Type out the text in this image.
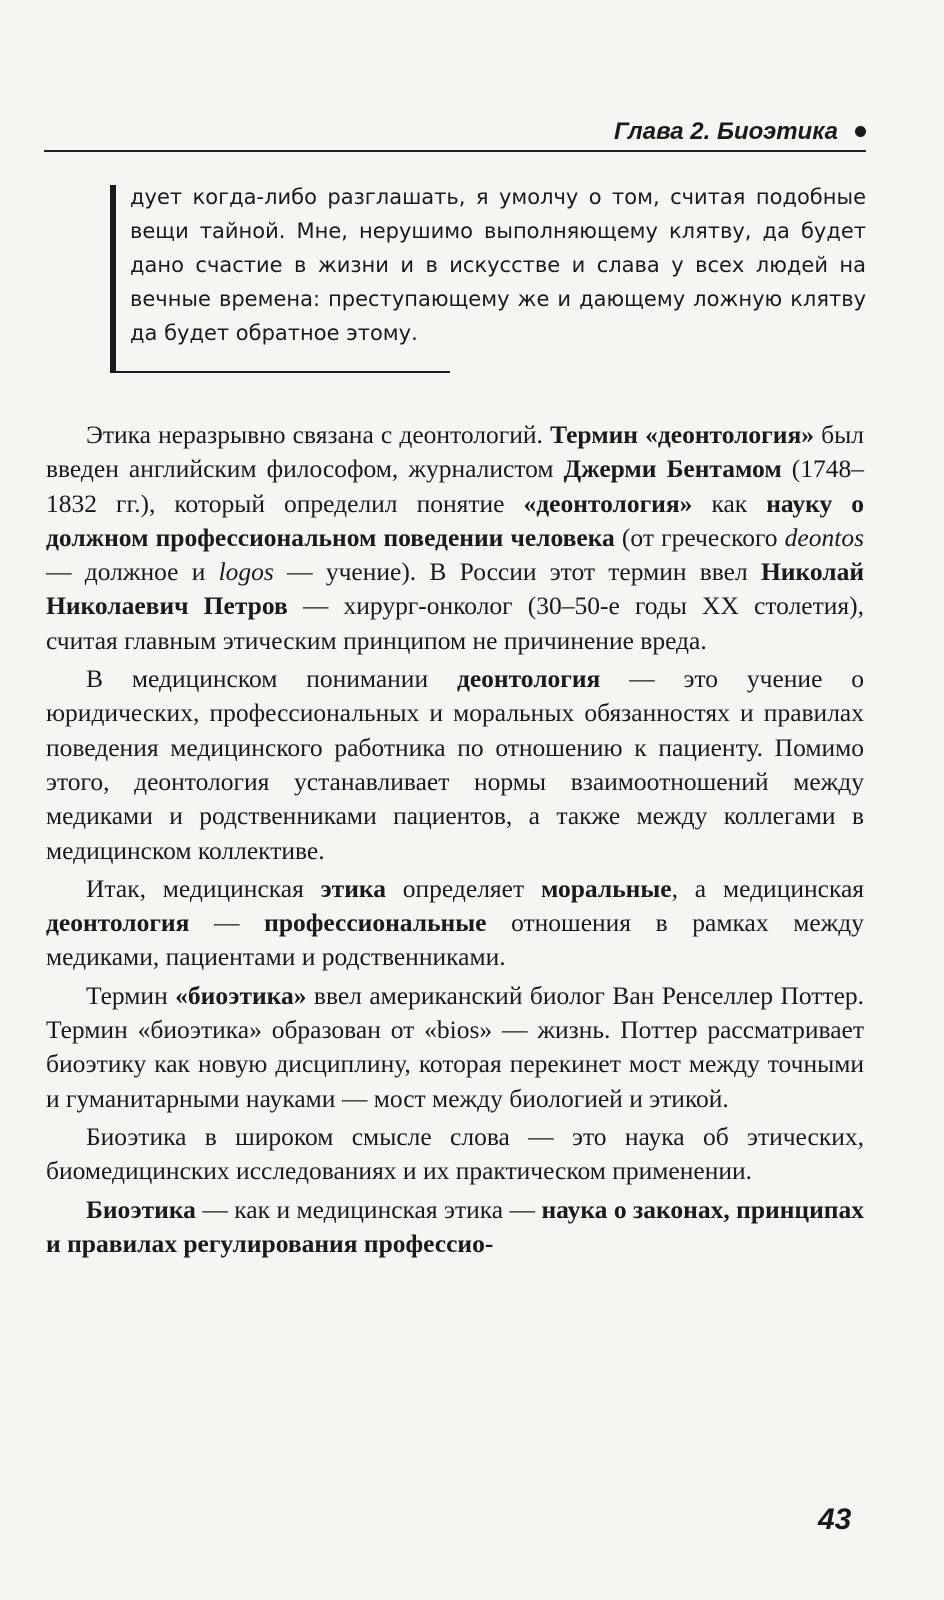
Глава 2. Биоэтика

дует когда-либо разглашать, я умолчу о том, считая подобные вещи тайной. Мне, нерушимо выполняющему клятву, да будет дано счастие в жизни и в искусстве и слава у всех людей на вечные времена: преступающему же и дающему ложную клятву да будет обратное этому.

Этика неразрывно связана с деонтологий. Термин «деонтология» был введен английским философом, журналистом Джерми Бентамом (1748–1832 гг.), который определил понятие «деонтология» как науку о должном профессиональном поведении человека (от греческого deontos — должное и logos — учение). В России этот термин ввел Николай Николаевич Петров — хирург-онколог (30–50-е годы XX столетия), считая главным этическим принципом не причинение вреда.

В медицинском понимании деонтология — это учение о юридических, профессиональных и моральных обязанностях и правилах поведения медицинского работника по отношению к пациенту. Помимо этого, деонтология устанавливает нормы взаимоотношений между медиками и родственниками пациентов, а также между коллегами в медицинском коллективе.

Итак, медицинская этика определяет моральные, а медицинская деонтология — профессиональные отношения в рамках между медиками, пациентами и родственниками.

Термин «биоэтика» ввел американский биолог Ван Ренселлер Поттер. Термин «биоэтика» образован от «bios» — жизнь. Поттер рассматривает биоэтику как новую дисциплину, которая перекинет мост между точными и гуманитарными науками — мост между биологией и этикой.

Биоэтика в широком смысле слова — это наука об этических, биомедицинских исследованиях и их практическом применении.

Биоэтика — как и медицинская этика — наука о законах, принципах и правилах регулирования профессио-

43
